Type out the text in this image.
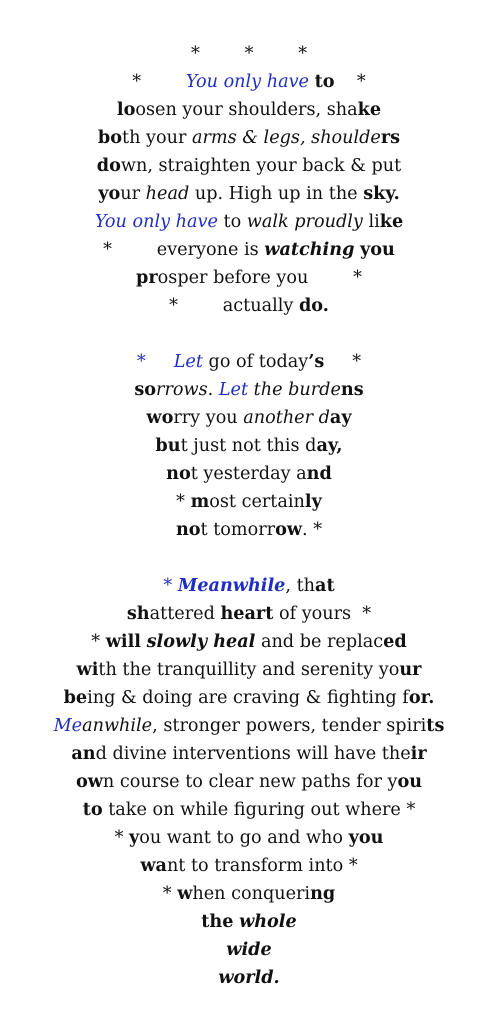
*        *        *
*        You only have to    *
loosen your shoulders, shake
both your arms & legs, shoulders
down, straighten your back & put
your head up. High up in the sky.
You only have to walk proudly like
*        everyone is watching you
prosper before you        *
*        actually do.
*     Let go of today’s     *
sorrows. Let the burdens
worry you another day
but just not this day,
not yesterday and
* most certainly
not tomorrow. *
* Meanwhile, that
shattered heart of yours  *
* will slowly heal and be replaced
with the tranquillity and serenity your
being & doing are craving & fighting for.
Meanwhile, stronger powers, tender spirits
and divine interventions will have their
own course to clear new paths for you
to take on while figuring out where *
* you want to go and who you
want to transform into *
* when conquering
the whole
wide
world.
